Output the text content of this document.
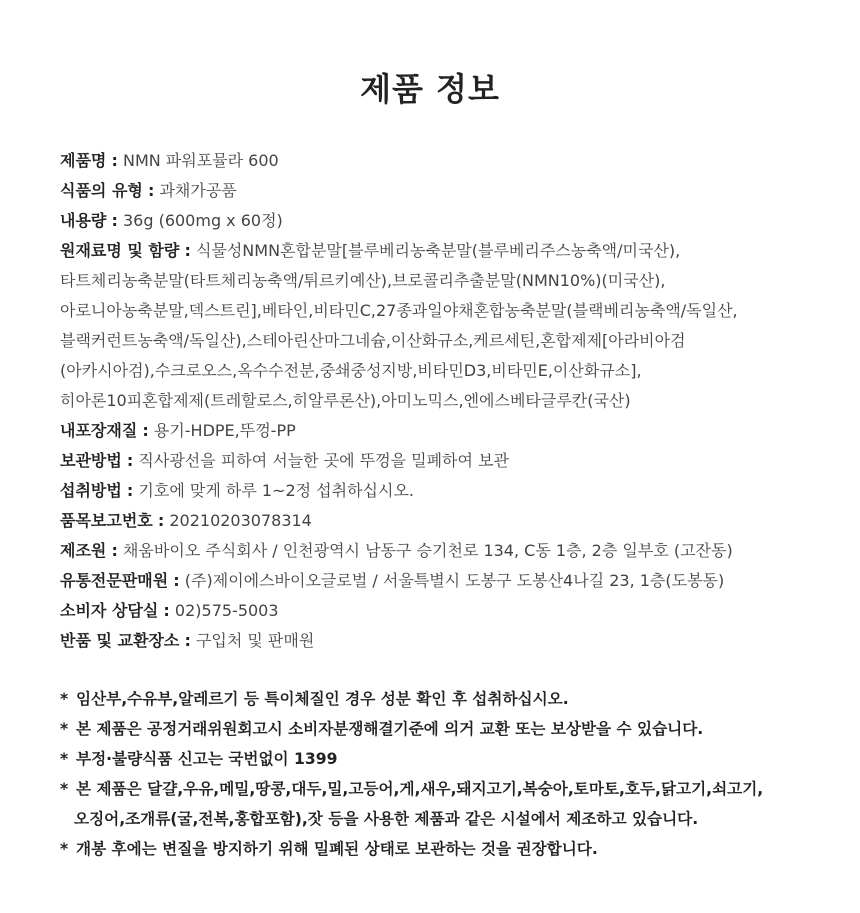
제품 정보

제품명 : NMN 파워포뮬라 600

식품의 유형 : 과채가공품

내용량 : 36g (600mg x 60정)

원재료명 및 함량 : 식물성NMN혼합분말[블루베리농축분말(블루베리주스농축액/미국산),

타트체리농축분말(타트체리농축액/튀르키예산),브로콜리추출분말(NMN10%)(미국산),

아로니아농축분말,덱스트린],베타인,비타민C,27종과일야채혼합농축분말(블랙베리농축액/독일산,

블랙커런트농축액/독일산),스테아린산마그네슘,이산화규소,케르세틴,혼합제제[아라비아검

(아카시아검),수크로오스,옥수수전분,중쇄중성지방,비타민D3,비타민E,이산화규소],

히아론10피혼합제제(트레할로스,히알루론산),아미노믹스,엔에스베타글루칸(국산)

내포장재질 : 용기-HDPE,뚜껑-PP

보관방법 : 직사광선을 피하여 서늘한 곳에 뚜껑을 밀폐하여 보관

섭취방법 : 기호에 맞게 하루 1~2정 섭취하십시오.

품목보고번호 : 20210203078314

제조원 : 채움바이오 주식회사 / 인천광역시 남동구 승기천로 134, C동 1층, 2층 일부호 (고잔동)

유통전문판매원 : (주)제이에스바이오글로벌 / 서울특별시 도봉구 도봉산4나길 23, 1층(도봉동)

소비자 상담실 : 02)575-5003

반품 및 교환장소 : 구입처 및 판매원

* 임산부,수유부,알레르기 등 특이체질인 경우 성분 확인 후 섭취하십시오.

* 본 제품은 공정거래위원회고시 소비자분쟁해결기준에 의거 교환 또는 보상받을 수 있습니다.

* 부정·불량식품 신고는 국번없이 1399

* 본 제품은 달걀,우유,메밀,땅콩,대두,밀,고등어,게,새우,돼지고기,복숭아,토마토,호두,닭고기,쇠고기,

오징어,조개류(굴,전복,홍합포함),잣 등을 사용한 제품과 같은 시설에서 제조하고 있습니다.

* 개봉 후에는 변질을 방지하기 위해 밀폐된 상태로 보관하는 것을 권장합니다.
